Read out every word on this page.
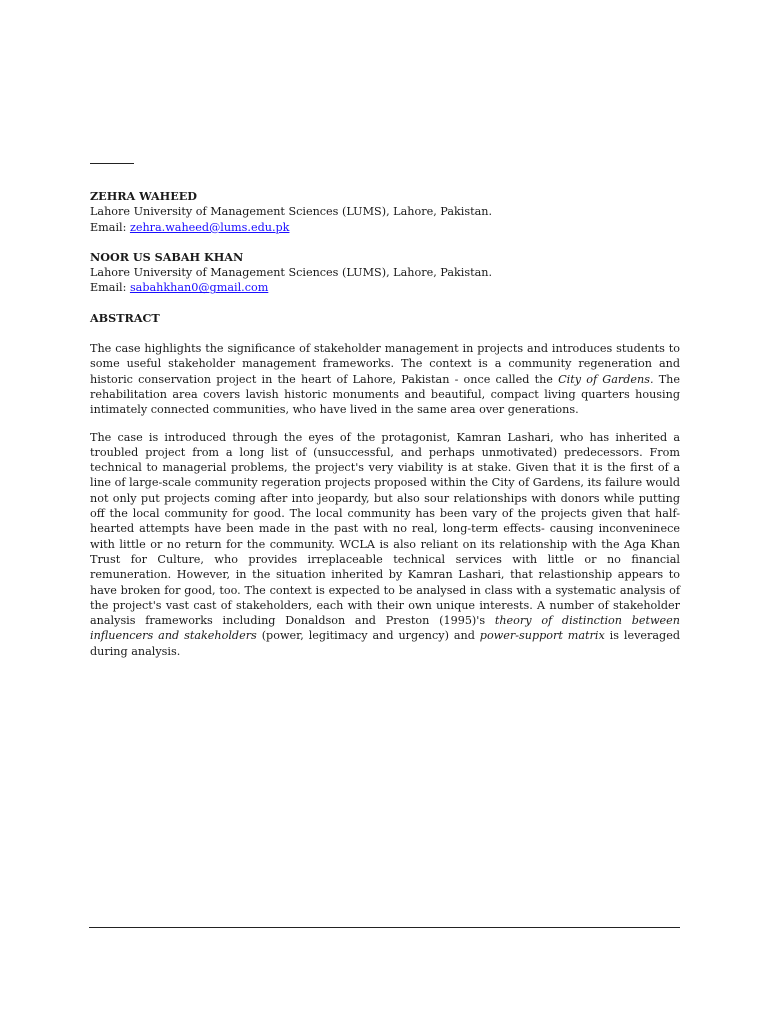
ZEHRA WAHEED

Lahore University of Management Sciences (LUMS), Lahore, Pakistan.

Email: zehra.waheed@lums.edu.pk

NOOR US SABAH KHAN

Lahore University of Management Sciences (LUMS), Lahore, Pakistan.

Email: sabahkhan0@gmail.com

ABSTRACT

The case highlights the significance of stakeholder management in projects and introduces students to some useful stakeholder management frameworks. The context is a community regeneration and historic conservation project in the heart of Lahore, Pakistan - once called the City of Gardens. The rehabilitation area covers lavish historic monuments and beautiful, compact living quarters housing intimately connected communities, who have lived in the same area over generations.

The case is introduced through the eyes of the protagonist, Kamran Lashari, who has inherited a troubled project from a long list of (unsuccessful, and perhaps unmotivated) predecessors. From technical to managerial problems, the project's very viability is at stake. Given that it is the first of a line of large-scale community regeration projects proposed within the City of Gardens, its failure would not only put projects coming after into jeopardy, but also sour relationships with donors while putting off the local community for good. The local community has been vary of the projects given that half-hearted attempts have been made in the past with no real, long-term effects- causing inconveninece with little or no return for the community. WCLA is also reliant on its relationship with the Aga Khan Trust for Culture, who provides irreplaceable technical services with little or no financial remuneration. However, in the situation inherited by Kamran Lashari, that relastionship appears to have broken for good, too. The context is expected to be analysed in class with a systematic analysis of the project's vast cast of stakeholders, each with their own unique interests. A number of stakeholder analysis frameworks including Donaldson and Preston (1995)'s theory of distinction between influencers and stakeholders (power, legitimacy and urgency) and power-support matrix is leveraged during analysis.
